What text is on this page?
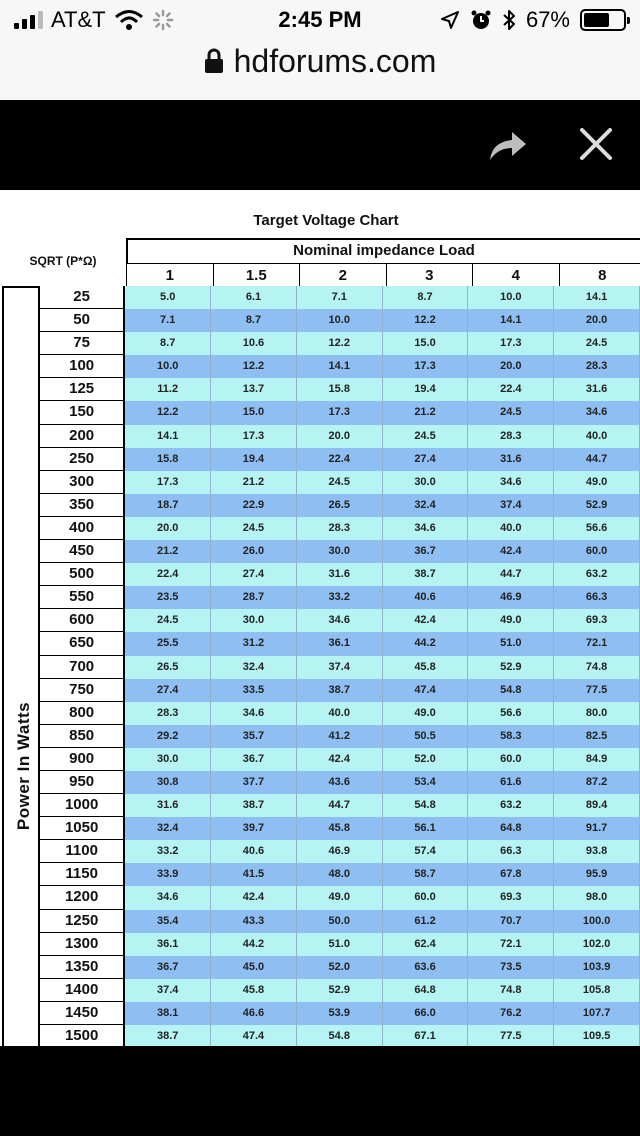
AT&T	2:45 PM	67%
hdforums.com
Target Voltage Chart
SQRT (P*Ω)
Nominal impedance Load
1	1.5	2	3	4	8
Power In Watts
25	5.0	6.1	7.1	8.7	10.0	14.1
50	7.1	8.7	10.0	12.2	14.1	20.0
75	8.7	10.6	12.2	15.0	17.3	24.5
100	10.0	12.2	14.1	17.3	20.0	28.3
125	11.2	13.7	15.8	19.4	22.4	31.6
150	12.2	15.0	17.3	21.2	24.5	34.6
200	14.1	17.3	20.0	24.5	28.3	40.0
250	15.8	19.4	22.4	27.4	31.6	44.7
300	17.3	21.2	24.5	30.0	34.6	49.0
350	18.7	22.9	26.5	32.4	37.4	52.9
400	20.0	24.5	28.3	34.6	40.0	56.6
450	21.2	26.0	30.0	36.7	42.4	60.0
500	22.4	27.4	31.6	38.7	44.7	63.2
550	23.5	28.7	33.2	40.6	46.9	66.3
600	24.5	30.0	34.6	42.4	49.0	69.3
650	25.5	31.2	36.1	44.2	51.0	72.1
700	26.5	32.4	37.4	45.8	52.9	74.8
750	27.4	33.5	38.7	47.4	54.8	77.5
800	28.3	34.6	40.0	49.0	56.6	80.0
850	29.2	35.7	41.2	50.5	58.3	82.5
900	30.0	36.7	42.4	52.0	60.0	84.9
950	30.8	37.7	43.6	53.4	61.6	87.2
1000	31.6	38.7	44.7	54.8	63.2	89.4
1050	32.4	39.7	45.8	56.1	64.8	91.7
1100	33.2	40.6	46.9	57.4	66.3	93.8
1150	33.9	41.5	48.0	58.7	67.8	95.9
1200	34.6	42.4	49.0	60.0	69.3	98.0
1250	35.4	43.3	50.0	61.2	70.7	100.0
1300	36.1	44.2	51.0	62.4	72.1	102.0
1350	36.7	45.0	52.0	63.6	73.5	103.9
1400	37.4	45.8	52.9	64.8	74.8	105.8
1450	38.1	46.6	53.9	66.0	76.2	107.7
1500	38.7	47.4	54.8	67.1	77.5	109.5
